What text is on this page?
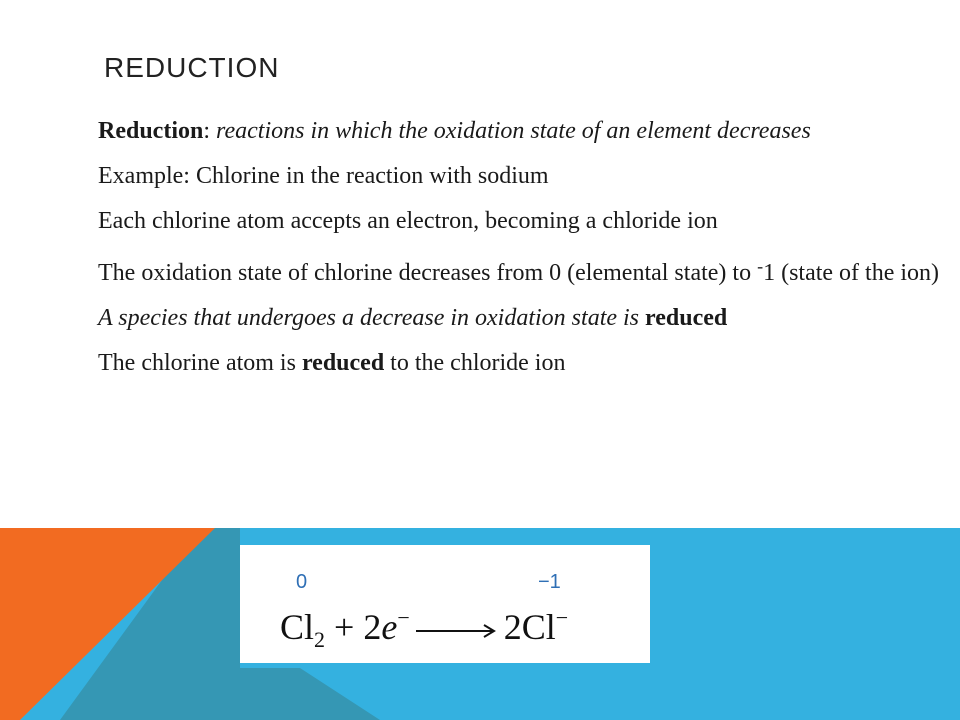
REDUCTION
Reduction: reactions in which the oxidation state of an element decreases
Example: Chlorine in the reaction with sodium
Each chlorine atom accepts an electron, becoming a chloride ion
The oxidation state of chlorine decreases from 0 (elemental state) to -1 (state of the ion)
A species that undergoes a decrease in oxidation state is reduced
The chlorine atom is reduced to the chloride ion
0	−1
$Cl_2 + 2e^- \to 2Cl^-$
